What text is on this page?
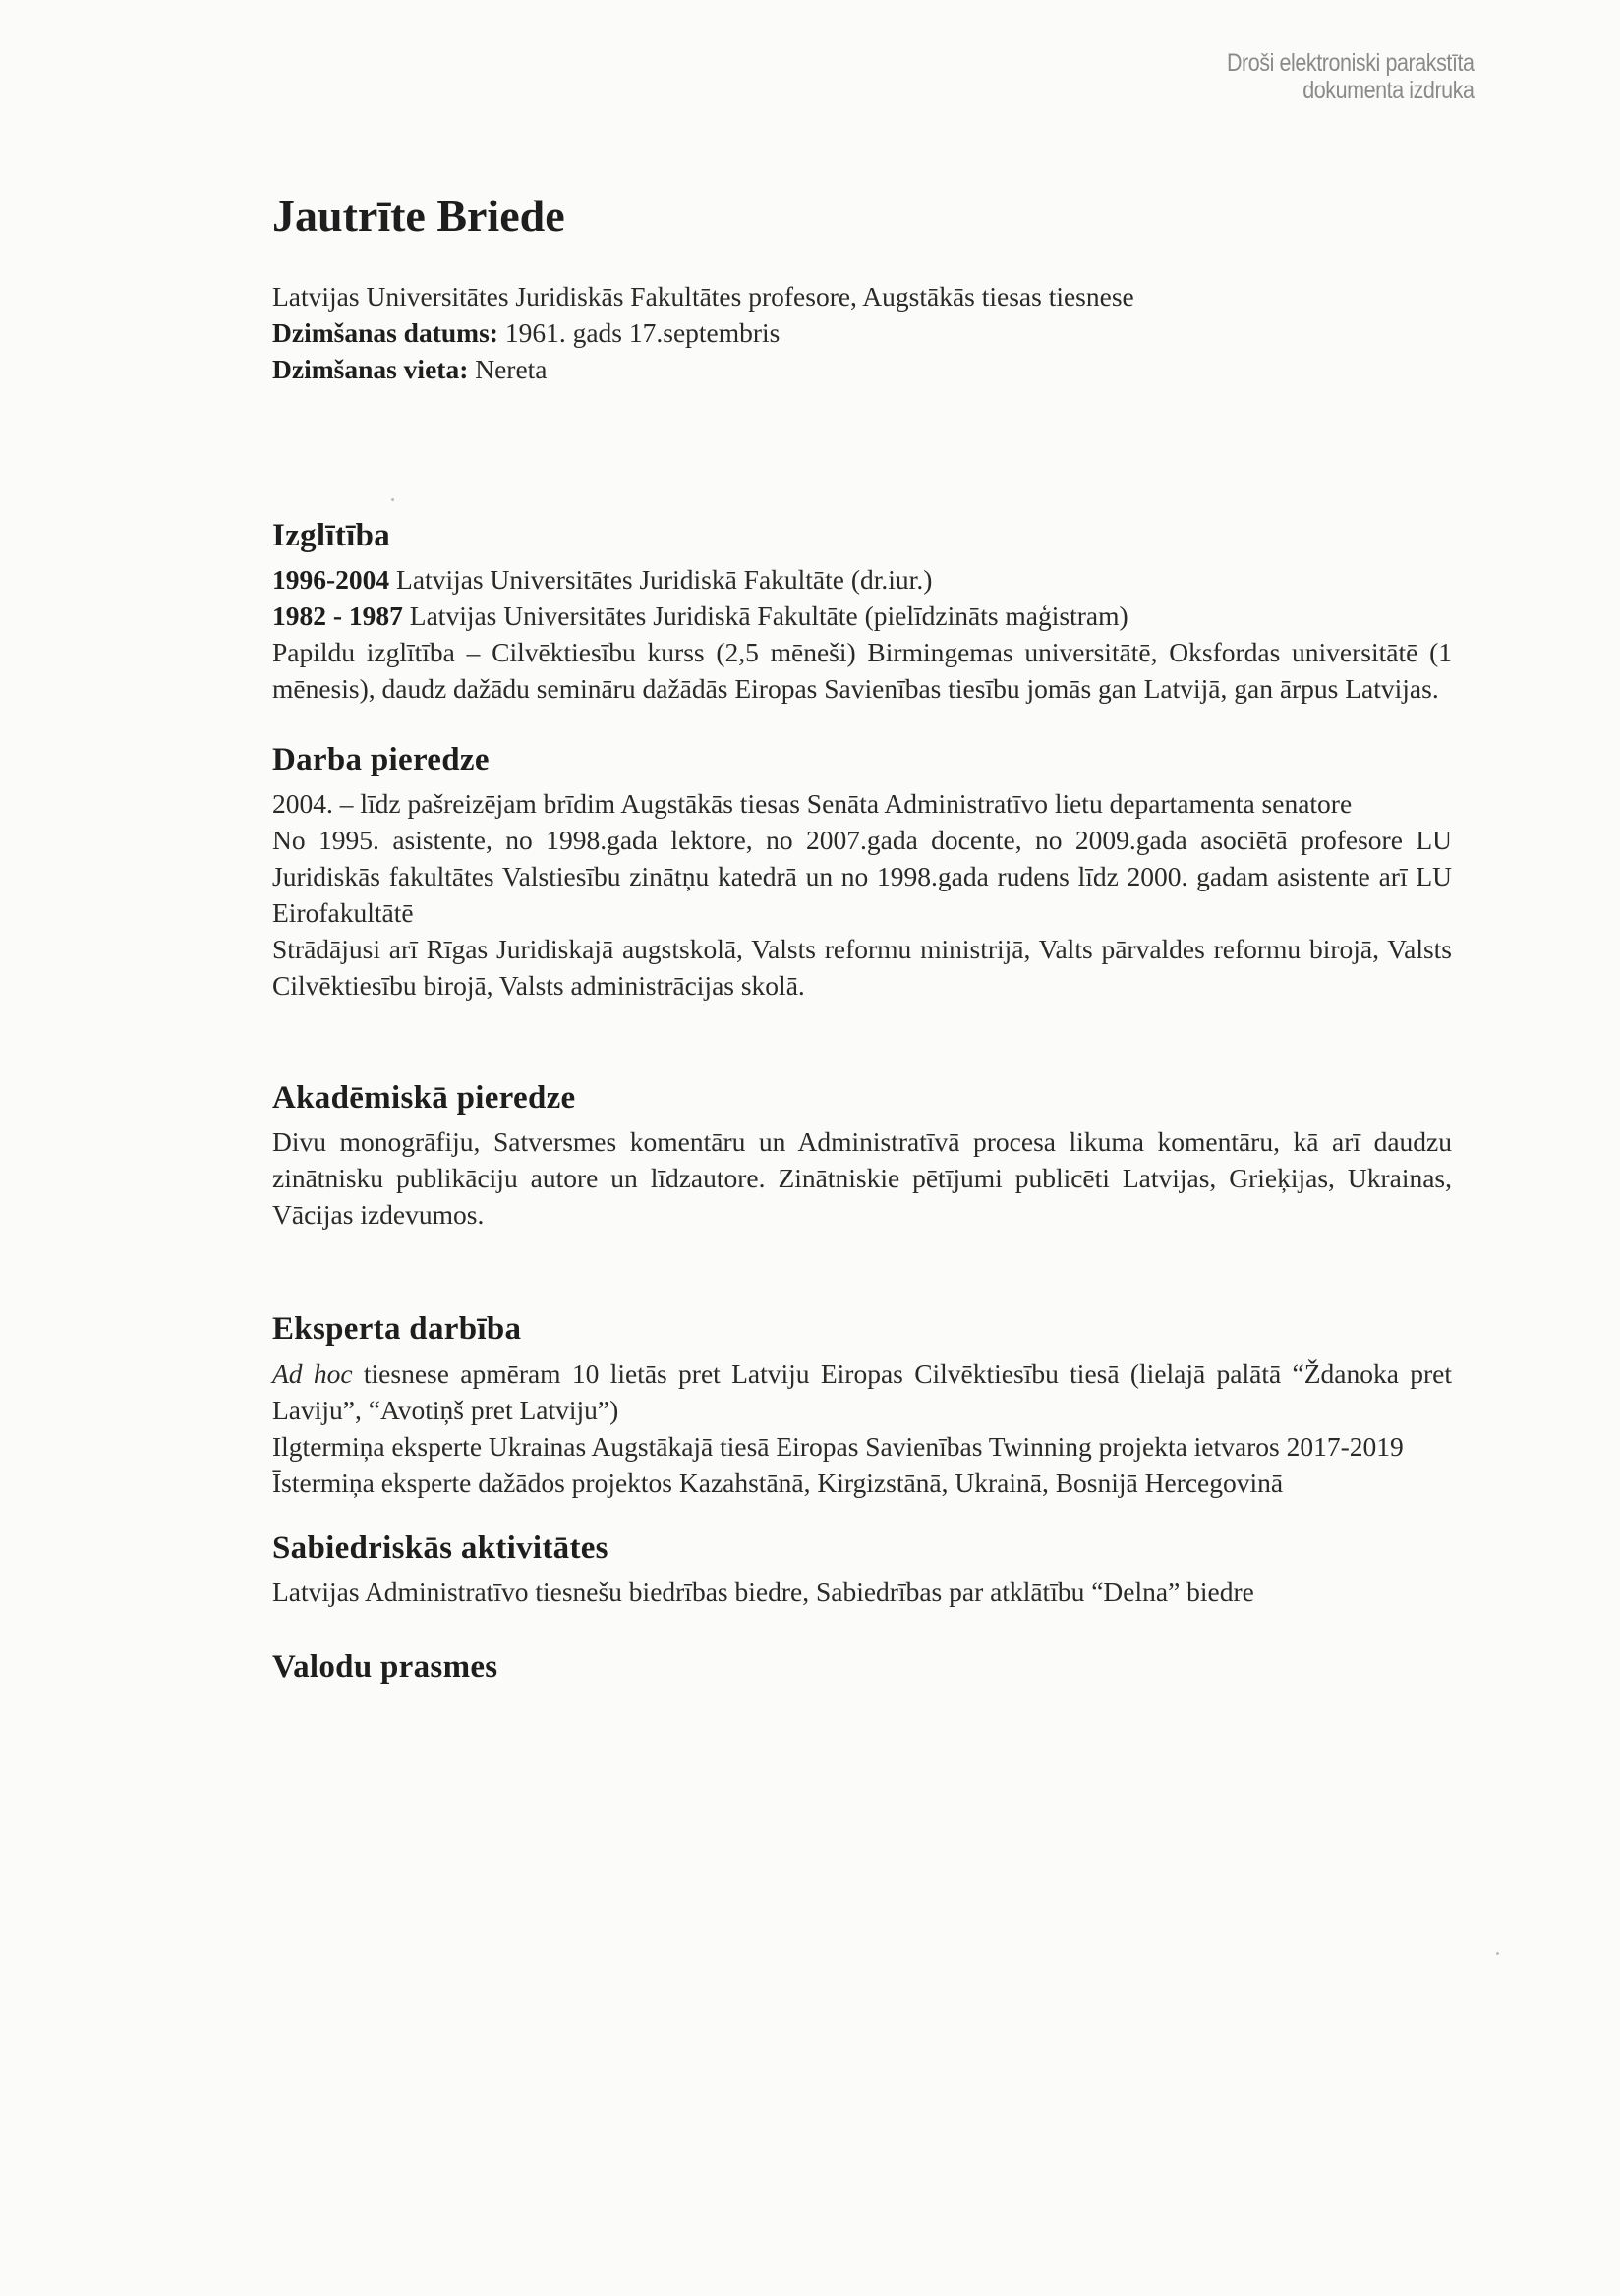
Droši elektroniski parakstīta
dokumenta izdruka
Jautrīte Briede

Latvijas Universitātes Juridiskās Fakultātes profesore, Augstākās tiesas tiesnese

Dzimšanas datums: 1961. gads 17.septembris

Dzimšanas vieta: Nereta

Izglītība

1996-2004 Latvijas Universitātes Juridiskā Fakultāte (dr.iur.)

1982 - 1987 Latvijas Universitātes Juridiskā Fakultāte (pielīdzināts maģistram)

Papildu izglītība – Cilvēktiesību kurss (2,5 mēneši) Birmingemas universitātē, Oksfordas universitātē (1 mēnesis), daudz dažādu semināru dažādās Eiropas Savienības tiesību jomās gan Latvijā, gan ārpus Latvijas.

Darba pieredze

2004. – līdz pašreizējam brīdim Augstākās tiesas Senāta Administratīvo lietu departamenta senatore

No 1995. asistente, no 1998.gada lektore, no 2007.gada docente, no 2009.gada asociētā profesore LU Juridiskās fakultātes Valstiesību zinātņu katedrā un no 1998.gada rudens līdz 2000. gadam asistente arī LU Eirofakultātē

Strādājusi arī Rīgas Juridiskajā augstskolā, Valsts reformu ministrijā, Valts pārvaldes reformu birojā, Valsts Cilvēktiesību birojā, Valsts administrācijas skolā.

Akadēmiskā pieredze

Divu monogrāfiju, Satversmes komentāru un Administratīvā procesa likuma komentāru, kā arī daudzu zinātnisku publikāciju autore un līdzautore. Zinātniskie pētījumi publicēti Latvijas, Grieķijas, Ukrainas, Vācijas izdevumos.

Eksperta darbība

Ad hoc tiesnese apmēram 10 lietās pret Latviju Eiropas Cilvēktiesību tiesā (lielajā palātā “Ždanoka pret Laviju”, “Avotiņš pret Latviju”)

Ilgtermiņa eksperte Ukrainas Augstākajā tiesā Eiropas Savienības Twinning projekta ietvaros 2017-2019

Īstermiņa eksperte dažādos projektos Kazahstānā, Kirgizstānā, Ukrainā, Bosnijā Hercegovinā

Sabiedriskās aktivitātes

Latvijas Administratīvo tiesnešu biedrības biedre, Sabiedrības par atklātību “Delna” biedre

Valodu prasmes
